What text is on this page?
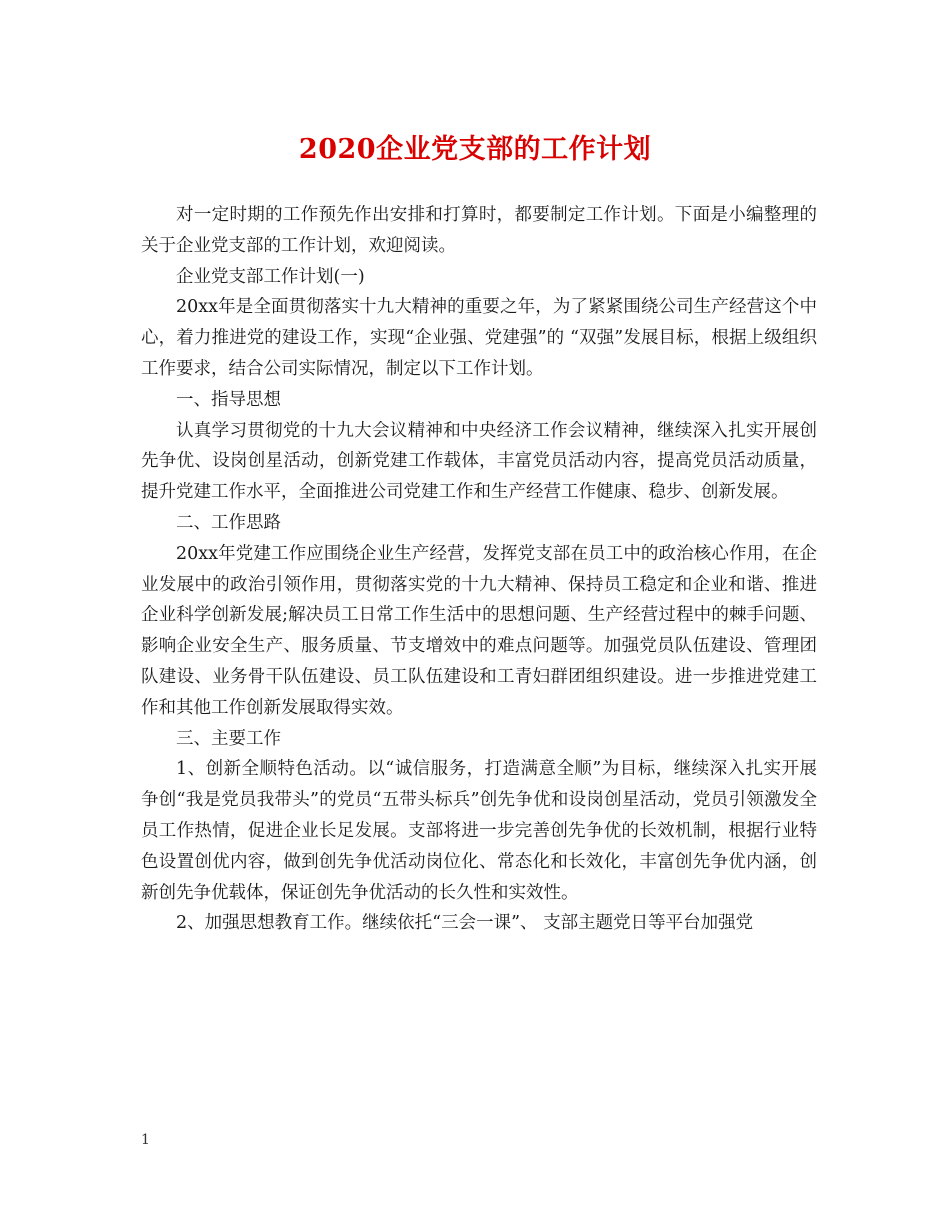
2020企业党支部的工作计划

对一定时期的工作预先作出安排和打算时，都要制定工作计划。下面是小编整理的关于企业党支部的工作计划，欢迎阅读。

企业党支部工作计划(一)

20xx年是全面贯彻落实十九大精神的重要之年，为了紧紧围绕公司生产经营这个中心，着力推进党的建设工作，实现“企业强、党建强”的 “双强”发展目标，根据上级组织工作要求，结合公司实际情况，制定以下工作计划。

一、指导思想

认真学习贯彻党的十九大会议精神和中央经济工作会议精神，继续深入扎实开展创先争优、设岗创星活动，创新党建工作载体，丰富党员活动内容，提高党员活动质量，提升党建工作水平，全面推进公司党建工作和生产经营工作健康、稳步、创新发展。

二、工作思路

20xx年党建工作应围绕企业生产经营，发挥党支部在员工中的政治核心作用，在企业发展中的政治引领作用，贯彻落实党的十九大精神、保持员工稳定和企业和谐、推进企业科学创新发展;解决员工日常工作生活中的思想问题、生产经营过程中的棘手问题、影响企业安全生产、服务质量、节支增效中的难点问题等。加强党员队伍建设、管理团队建设、业务骨干队伍建设、员工队伍建设和工青妇群团组织建设。进一步推进党建工作和其他工作创新发展取得实效。

三、主要工作

1、创新全顺特色活动。以“诚信服务，打造满意全顺”为目标，继续深入扎实开展争创“我是党员我带头”的党员“五带头标兵”创先争优和设岗创星活动，党员引领激发全员工作热情，促进企业长足发展。支部将进一步完善创先争优的长效机制，根据行业特色设置创优内容，做到创先争优活动岗位化、常态化和长效化，丰富创先争优内涵，创新创先争优载体，保证创先争优活动的长久性和实效性。

2、加强思想教育工作。继续依托“三会一课”、 支部主题党日等平台加强党

1
